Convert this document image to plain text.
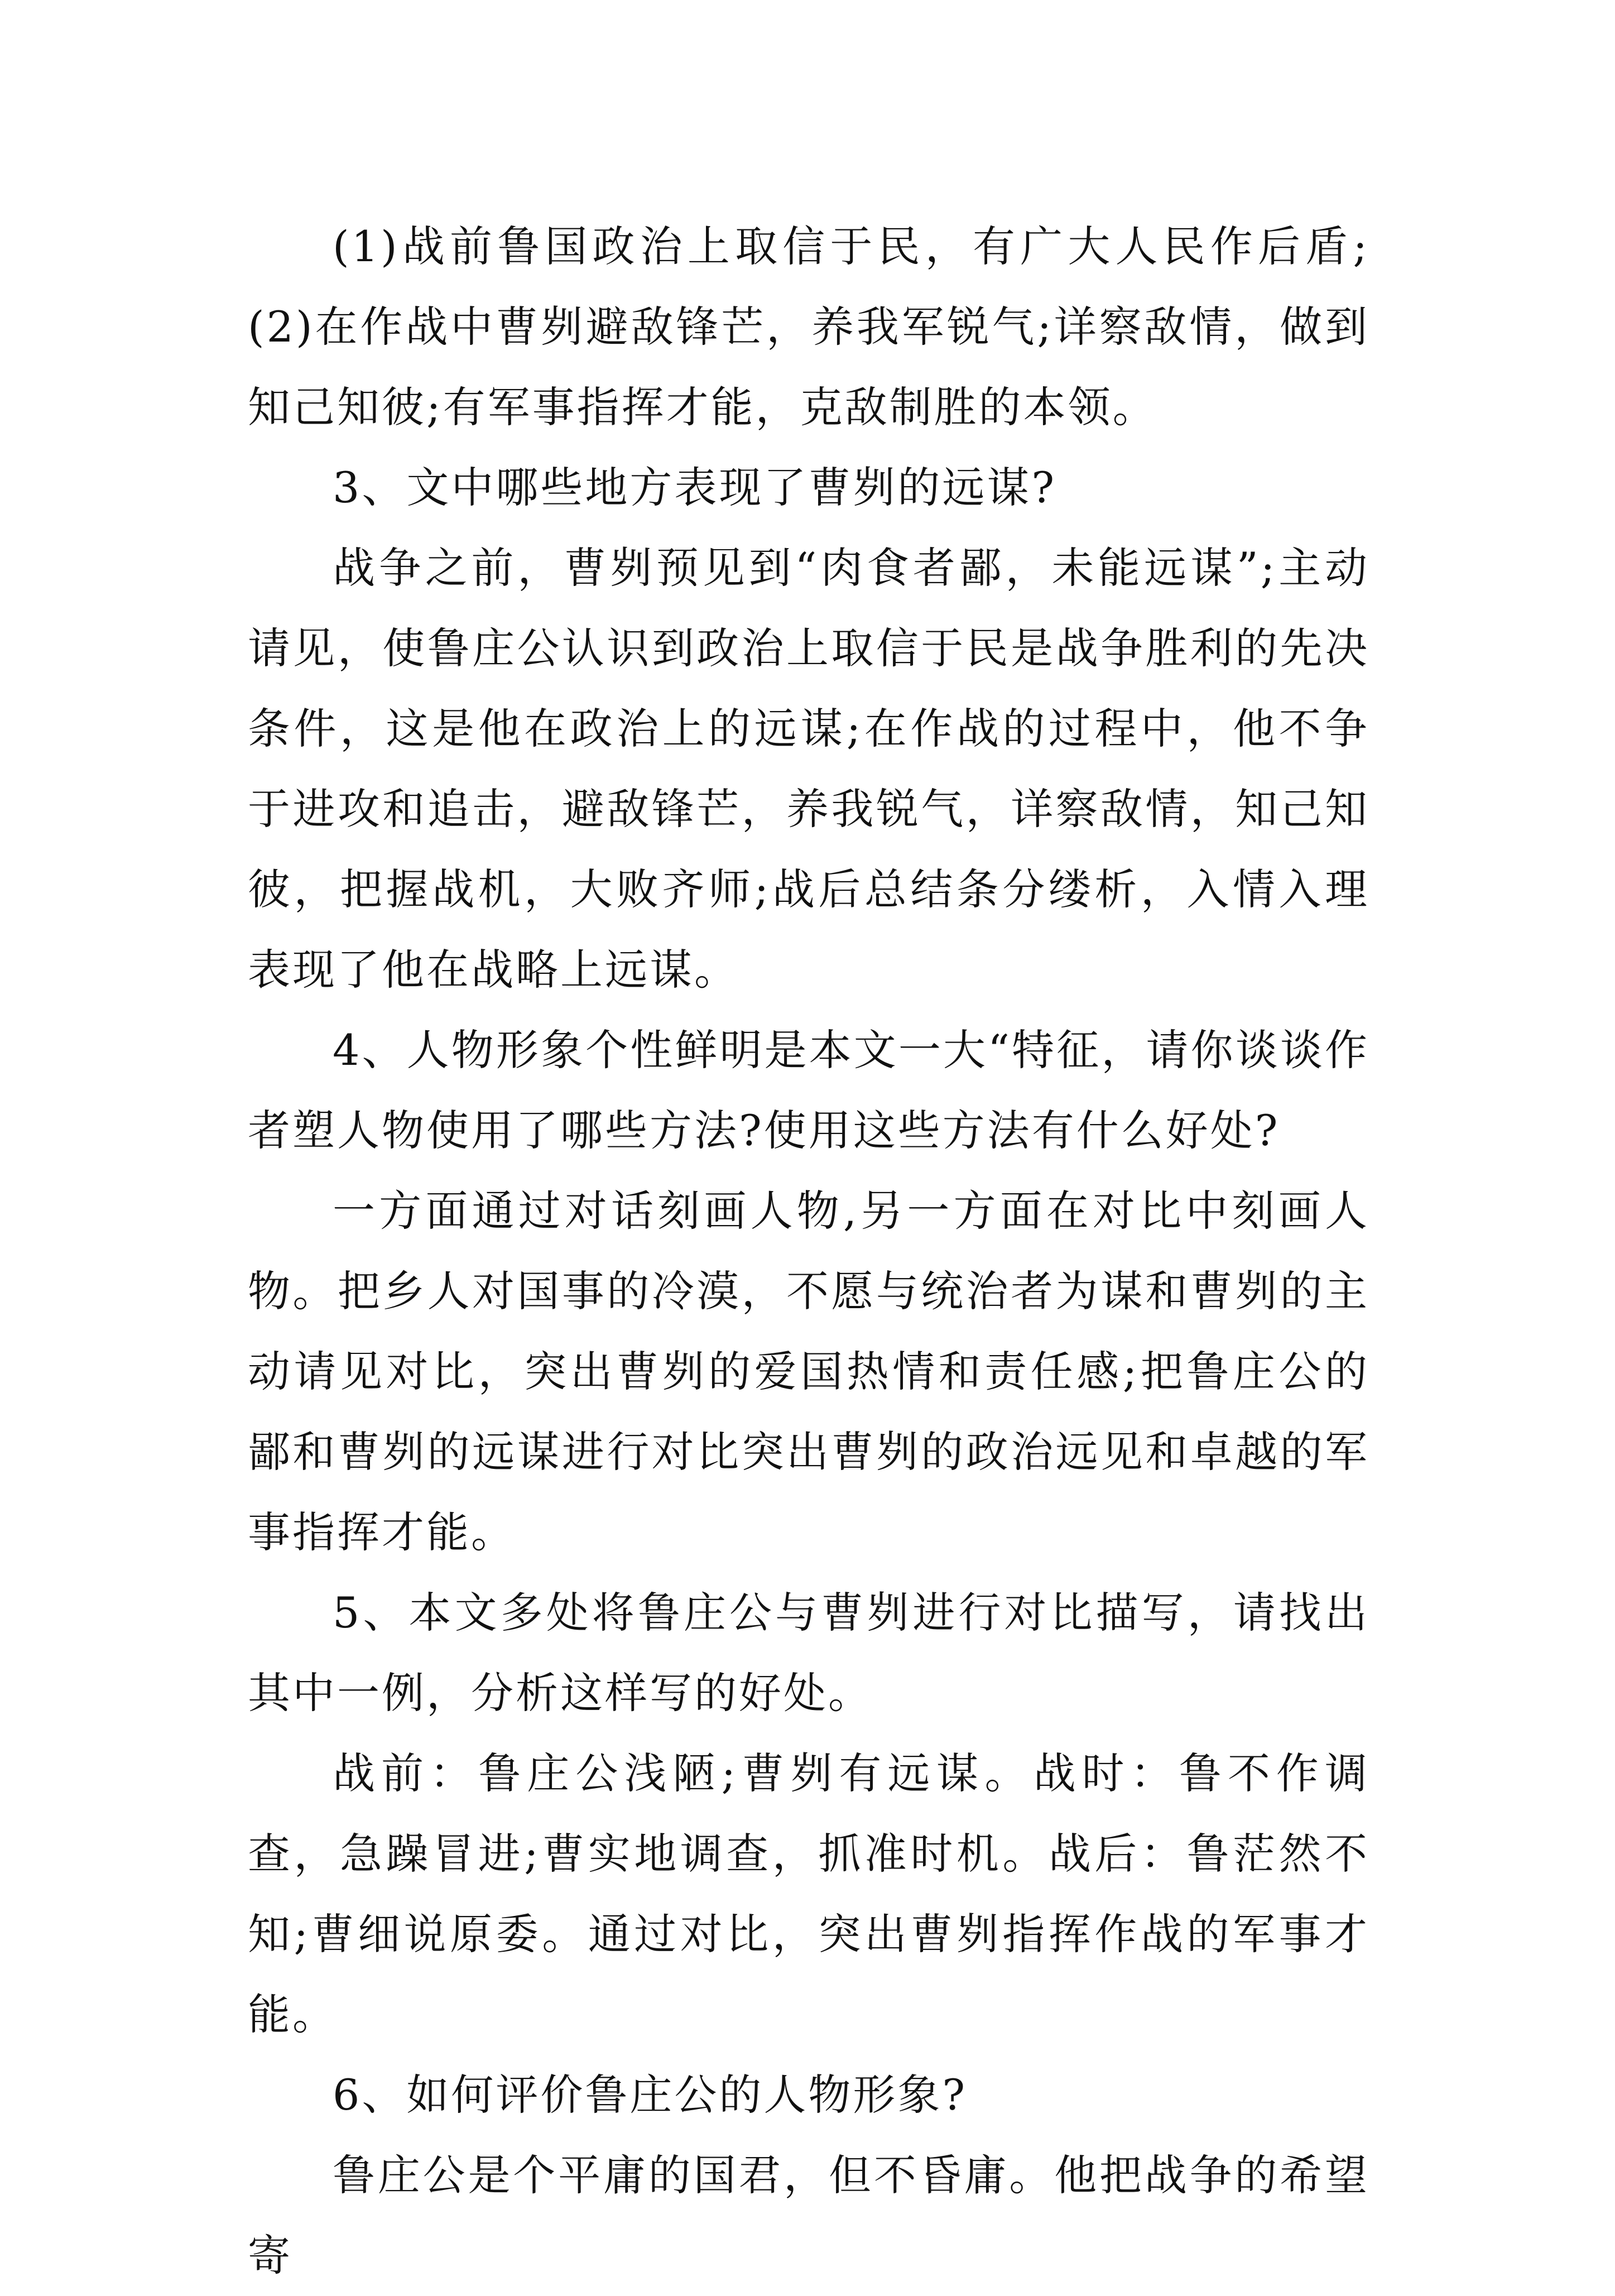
(1)战前鲁国政治上取信于民，有广大人民作后盾;(2)在作战中曹刿避敌锋芒，养我军锐气;详察敌情，做到知己知彼;有军事指挥才能，克敌制胜的本领。

3、文中哪些地方表现了曹刿的远谋?

战争之前，曹刿预见到“肉食者鄙，未能远谋”;主动请见，使鲁庄公认识到政治上取信于民是战争胜利的先决条件，这是他在政治上的远谋;在作战的过程中，他不争于进攻和追击，避敌锋芒，养我锐气，详察敌情，知己知彼，把握战机，大败齐师;战后总结条分缕析，入情入理表现了他在战略上远谋。

4、人物形象个性鲜明是本文一大“特征，请你谈谈作者塑人物使用了哪些方法?使用这些方法有什么好处?

一方面通过对话刻画人物,另一方面在对比中刻画人物。把乡人对国事的冷漠，不愿与统治者为谋和曹刿的主动请见对比，突出曹刿的爱国热情和责任感;把鲁庄公的鄙和曹刿的远谋进行对比突出曹刿的政治远见和卓越的军事指挥才能。

5、本文多处将鲁庄公与曹刿进行对比描写，请找出其中一例，分析这样写的好处。

战前：鲁庄公浅陋;曹刿有远谋。战时：鲁不作调查，急躁冒进;曹实地调查，抓准时机。战后：鲁茫然不知;曹细说原委。通过对比，突出曹刿指挥作战的军事才能。

6、如何评价鲁庄公的人物形象?

鲁庄公是个平庸的国君，但不昏庸。他把战争的希望寄
